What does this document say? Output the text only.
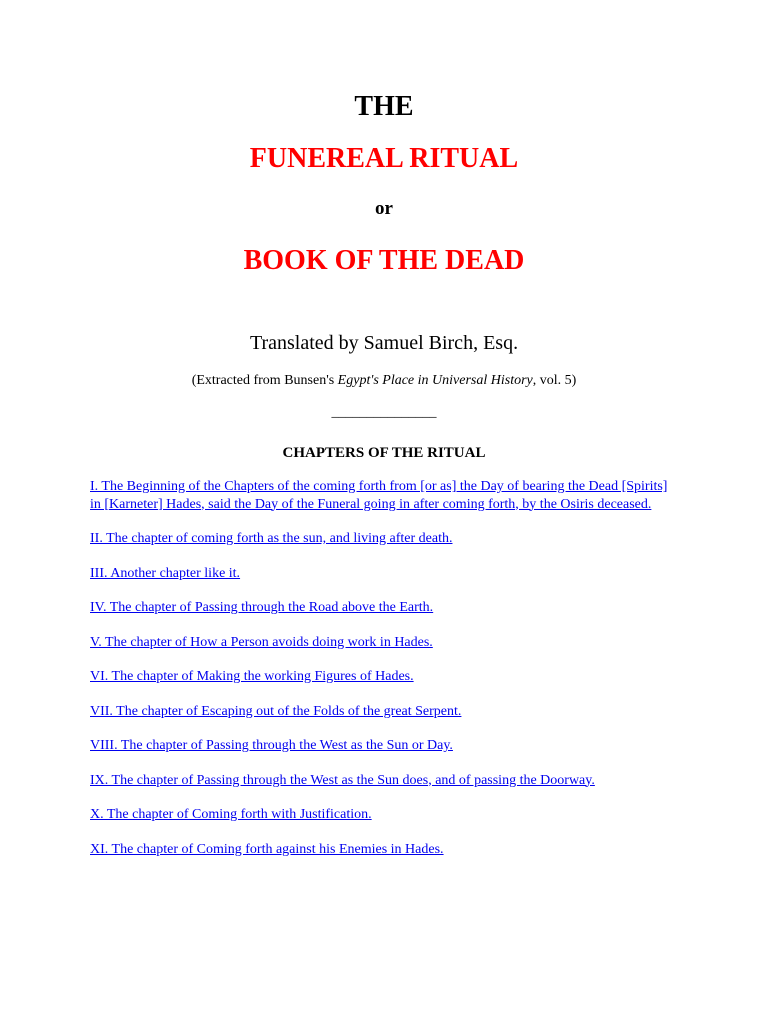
THE
FUNEREAL RITUAL
or
BOOK OF THE DEAD
Translated by Samuel Birch, Esq.
(Extracted from Bunsen's Egypt's Place in Universal History, vol. 5)
_______________
CHAPTERS OF THE RITUAL
I. The Beginning of the Chapters of the coming forth from [or as] the Day of bearing the Dead [Spirits] in [Karneter] Hades, said the Day of the Funeral going in after coming forth, by the Osiris deceased.
II. The chapter of coming forth as the sun, and living after death.
III. Another chapter like it.
IV. The chapter of Passing through the Road above the Earth.
V. The chapter of How a Person avoids doing work in Hades.
VI. The chapter of Making the working Figures of Hades.
VII. The chapter of Escaping out of the Folds of the great Serpent.
VIII. The chapter of Passing through the West as the Sun or Day.
IX. The chapter of Passing through the West as the Sun does, and of passing the Doorway.
X. The chapter of Coming forth with Justification.
XI. The chapter of Coming forth against his Enemies in Hades.
